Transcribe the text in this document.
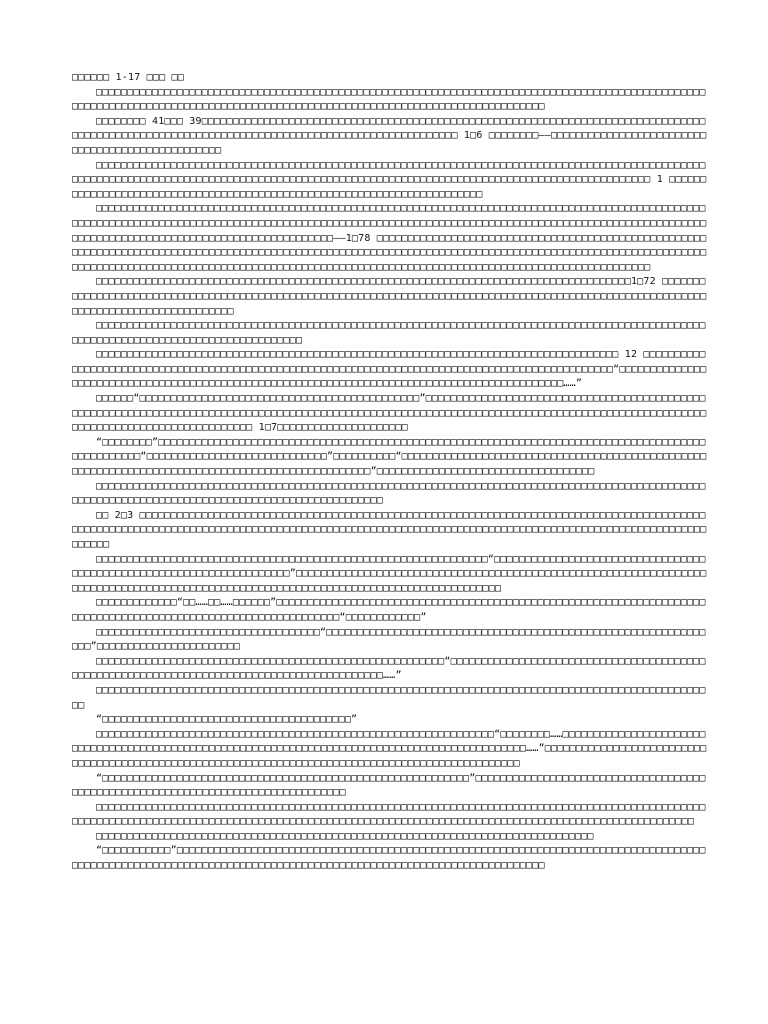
□□□□□□ 1-17 □□□ □□

□□□□□□□□□□□□□□□□□□□□□□□□□□□□□□□□□□□□□□□□□□□□□□□□□□□□□□□□□□□□□□□□□□□□□□□□□□□□□□□□□□□□□□□□□□□□□□□□□□□□□□□□□□□□□□□□□□□□□□□□□□□□□□□□□□□□□□□□□□□□□□□□□□□□□□□□□□□□□□□□□□□□□□□□□□□□□□

□□□□□□□□ 41□□□ 39□□□□□□□□□□□□□□□□□□□□□□□□□□□□□□□□□□□□□□□□□□□□□□□□□□□□□□□□□□□□□□□□□□□□□□□□□□□□□□□□□□□□□□□□□□□□□□□□□□□□□□□□□□□□□□□□□□□□□□□□□□□□□□□□□□□□□□□□□□□□□□□ 1□6 □□□□□□□□——□□□□□□□□□□□□□□□□□□□□□□□□□□□□□□□□□□□□□□□□□□□□□□□□□

□□□□□□□□□□□□□□□□□□□□□□□□□□□□□□□□□□□□□□□□□□□□□□□□□□□□□□□□□□□□□□□□□□□□□□□□□□□□□□□□□□□□□□□□□□□□□□□□□□□□□□□□□□□□□□□□□□□□□□□□□□□□□□□□□□□□□□□□□□□□□□□□□□□□□□□□□□□□□□□□□□□□□□□□□□□□□□□□□□□□□□□□□□□□□□□ 1 □□□□□□□□□□□□□□□□□□□□□□□□□□□□□□□□□□□□□□□□□□□□□□□□□□□□□□□□□□□□□□□□□□□□□□□□

□□□□□□□□□□□□□□□□□□□□□□□□□□□□□□□□□□□□□□□□□□□□□□□□□□□□□□□□□□□□□□□□□□□□□□□□□□□□□□□□□□□□□□□□□□□□□□□□□□□□□□□□□□□□□□□□□□□□□□□□□□□□□□□□□□□□□□□□□□□□□□□□□□□□□□□□□□□□□□□□□□□□□□□□□□□□□□□□□□□□□□□□□□□□□□□□□□□□□□□□□□□□□□□□□□□□□□□□□□□□□□□□□□□□□□□□□□□□□□□□□□——1□78 □□□□□□□□□□□□□□□□□□□□□□□□□□□□□□□□□□□□□□□□□□□□□□□□□□□□□□□□□□□□□□□□□□□□□□□□□□□□□□□□□□□□□□□□□□□□□□□□□□□□□□□□□□□□□□□□□□□□□□□□□□□□□□□□□□□□□□□□□□□□□□□□□□□□□□□□□□□□□□□□□□□□□□□□□□□□□□□□□□□□□□□□□□□□□□□□□□□□□□□□□□□□□□□□□□□□□□□□□□□□□□□□□□□□□□□□□□□□□□□□□□□□□□□□

□□□□□□□□□□□□□□□□□□□□□□□□□□□□□□□□□□□□□□□□□□□□□□□□□□□□□□□□□□□□□□□□□□□□□□□□□□□□□□□□□□□□□□1□72 □□□□□□□□□□□□□□□□□□□□□□□□□□□□□□□□□□□□□□□□□□□□□□□□□□□□□□□□□□□□□□□□□□□□□□□□□□□□□□□□□□□□□□□□□□□□□□□□□□□□□□□□□□□□□□□□□□□□□□□□□□□□□□□□□□□□□□□

□□□□□□□□□□□□□□□□□□□□□□□□□□□□□□□□□□□□□□□□□□□□□□□□□□□□□□□□□□□□□□□□□□□□□□□□□□□□□□□□□□□□□□□□□□□□□□□□□□□□□□□□□□□□□□□□□□□□□□□□□□□□□□□□□□□□□□□

□□□□□□□□□□□□□□□□□□□□□□□□□□□□□□□□□□□□□□□□□□□□□□□□□□□□□□□□□□□□□□□□□□□□□□□□□□□□□□□□□□□□ 12 □□□□□□□□□□□□□□□□□□□□□□□□□□□□□□□□□□□□□□□□□□□□□□□□□□□□□□□□□□□□□□□□□□□□□□□□□□□□□□□□□□□□□□□□□□□□□□□□□“□□□□□□□□□□□□□□□□□□□□□□□□□□□□□□□□□□□□□□□□□□□□□□□□□□□□□□□□□□□□□□□□□□□□□□□□□□□□□□□□□□□□□□□□□□□□□……”

□□□□□□“□□□□□□□□□□□□□□□□□□□□□□□□□□□□□□□□□□□□□□□□□□□□□”□□□□□□□□□□□□□□□□□□□□□□□□□□□□□□□□□□□□□□□□□□□□□□□□□□□□□□□□□□□□□□□□□□□□□□□□□□□□□□□□□□□□□□□□□□□□□□□□□□□□□□□□□□□□□□□□□□□□□□□□□□□□□□□□□□□□□□□□□□□□□□□□□□□□□□□□□□□□□□□□□□□□□□□□□□□□□□□□ 1□7□□□□□□□□□□□□□□□□□□□□□

“□□□□□□□□”□□□□□□□□□□□□□□□□□□□□□□□□□□□□□□□□□□□□□□□□□□□□□□□□□□□□□□□□□□□□□□□□□□□□□□□□□□□□□□□□□□□□□□□□□□□□□□□□□□□“□□□□□□□□□□□□□□□□□□□□□□□□□□□□□”□□□□□□□□□□“□□□□□□□□□□□□□□□□□□□□□□□□□□□□□□□□□□□□□□□□□□□□□□□□□□□□□□□□□□□□□□□□□□□□□□□□□□□□□□□□□□□□□□□□□□□□□□□□□”□□□□□□□□□□□□□□□□□□□□□□□□□□□□□□□□□□□

□□□□□□□□□□□□□□□□□□□□□□□□□□□□□□□□□□□□□□□□□□□□□□□□□□□□□□□□□□□□□□□□□□□□□□□□□□□□□□□□□□□□□□□□□□□□□□□□□□□□□□□□□□□□□□□□□□□□□□□□□□□□□□□□□□□□□□□□□□□□□□□□□□□□

□□ 2□3 □□□□□□□□□□□□□□□□□□□□□□□□□□□□□□□□□□□□□□□□□□□□□□□□□□□□□□□□□□□□□□□□□□□□□□□□□□□□□□□□□□□□□□□□□□□□□□□□□□□□□□□□□□□□□□□□□□□□□□□□□□□□□□□□□□□□□□□□□□□□□□□□□□□□□□□□□□□□□□□□□□□□□□□□□□□□□□□□□□□□□□□□□□□□□□□□□□□□□□□

□□□□□□□□□□□□□□□□□□□□□□□□□□□□□□□□□□□□□□□□□□□□□□□□□□□□□□□□□□□□□□□“□□□□□□□□□□□□□□□□□□□□□□□□□□□□□□□□□□□□□□□□□□□□□□□□□□□□□□□□□□□□□□□□□□□□□”□□□□□□□□□□□□□□□□□□□□□□□□□□□□□□□□□□□□□□□□□□□□□□□□□□□□□□□□□□□□□□□□□□□□□□□□□□□□□□□□□□□□□□□□□□□□□□□□□□□□□□□□□□□□□□□□□□□□□□□□□□□□□□□□□□□□□□□

□□□□□□□□□□□□□“□□……□□……□□□□□□”□□□□□□□□□□□□□□□□□□□□□□□□□□□□□□□□□□□□□□□□□□□□□□□□□□□□□□□□□□□□□□□□□□□□□□□□□□□□□□□□□□□□□□□□□□□□□□□□□□□□□□□□□□□□□□□□“□□□□□□□□□□□□”

□□□□□□□□□□□□□□□□□□□□□□□□□□□□□□□□□□□□“□□□□□□□□□□□□□□□□□□□□□□□□□□□□□□□□□□□□□□□□□□□□□□□□□□□□□□□□□□□□□□□□”□□□□□□□□□□□□□□□□□□□□□□□

□□□□□□□□□□□□□□□□□□□□□□□□□□□□□□□□□□□□□□□□□□□□□□□□□□□□□□□□“□□□□□□□□□□□□□□□□□□□□□□□□□□□□□□□□□□□□□□□□□□□□□□□□□□□□□□□□□□□□□□□□□□□□□□□□□□□□□□□□□□□□□□□□□□□……”

□□□□□□□□□□□□□□□□□□□□□□□□□□□□□□□□□□□□□□□□□□□□□□□□□□□□□□□□□□□□□□□□□□□□□□□□□□□□□□□□□□□□□□□□□□□□□□□□□□□□

“□□□□□□□□□□□□□□□□□□□□□□□□□□□□□□□□□□□□□□□□”

□□□□□□□□□□□□□□□□□□□□□□□□□□□□□□□□□□□□□□□□□□□□□□□□□□□□□□□□□□□□□□□□“□□□□□□□□……□□□□□□□□□□□□□□□□□□□□□□□□□□□□□□□□□□□□□□□□□□□□□□□□□□□□□□□□□□□□□□□□□□□□□□□□□□□□□□□□□□□□□□□□□□□□□□□□……”□□□□□□□□□□□□□□□□□□□□□□□□□□□□□□□□□□□□□□□□□□□□□□□□□□□□□□□□□□□□□□□□□□□□□□□□□□□□□□□□□□□□□□□□□□□□□□□□□□

“□□□□□□□□□□□□□□□□□□□□□□□□□□□□□□□□□□□□□□□□□□□□□□□□□□□□□□□□□□□”□□□□□□□□□□□□□□□□□□□□□□□□□□□□□□□□□□□□□□□□□□□□□□□□□□□□□□□□□□□□□□□□□□□□□□□□□□□□□□□□□

□□□□□□□□□□□□□□□□□□□□□□□□□□□□□□□□□□□□□□□□□□□□□□□□□□□□□□□□□□□□□□□□□□□□□□□□□□□□□□□□□□□□□□□□□□□□□□□□□□□□□□□□□□□□□□□□□□□□□□□□□□□□□□□□□□□□□□□□□□□□□□□□□□□□□□□□□□□□□□□□□□□□□□□□□□□□□□□□□□□□□□□□□□□□□□□□□□□□□□

□□□□□□□□□□□□□□□□□□□□□□□□□□□□□□□□□□□□□□□□□□□□□□□□□□□□□□□□□□□□□□□□□□□□□□□□□□□□□□□□

“□□□□□□□□□□□”□□□□□□□□□□□□□□□□□□□□□□□□□□□□□□□□□□□□□□□□□□□□□□□□□□□□□□□□□□□□□□□□□□□□□□□□□□□□□□□□□□□□□□□□□□□□□□□□□□□□□□□□□□□□□□□□□□□□□□□□□□□□□□□□□□□□□□□□□□□□□□□□□□□□□□□□□□□□□□□□□
